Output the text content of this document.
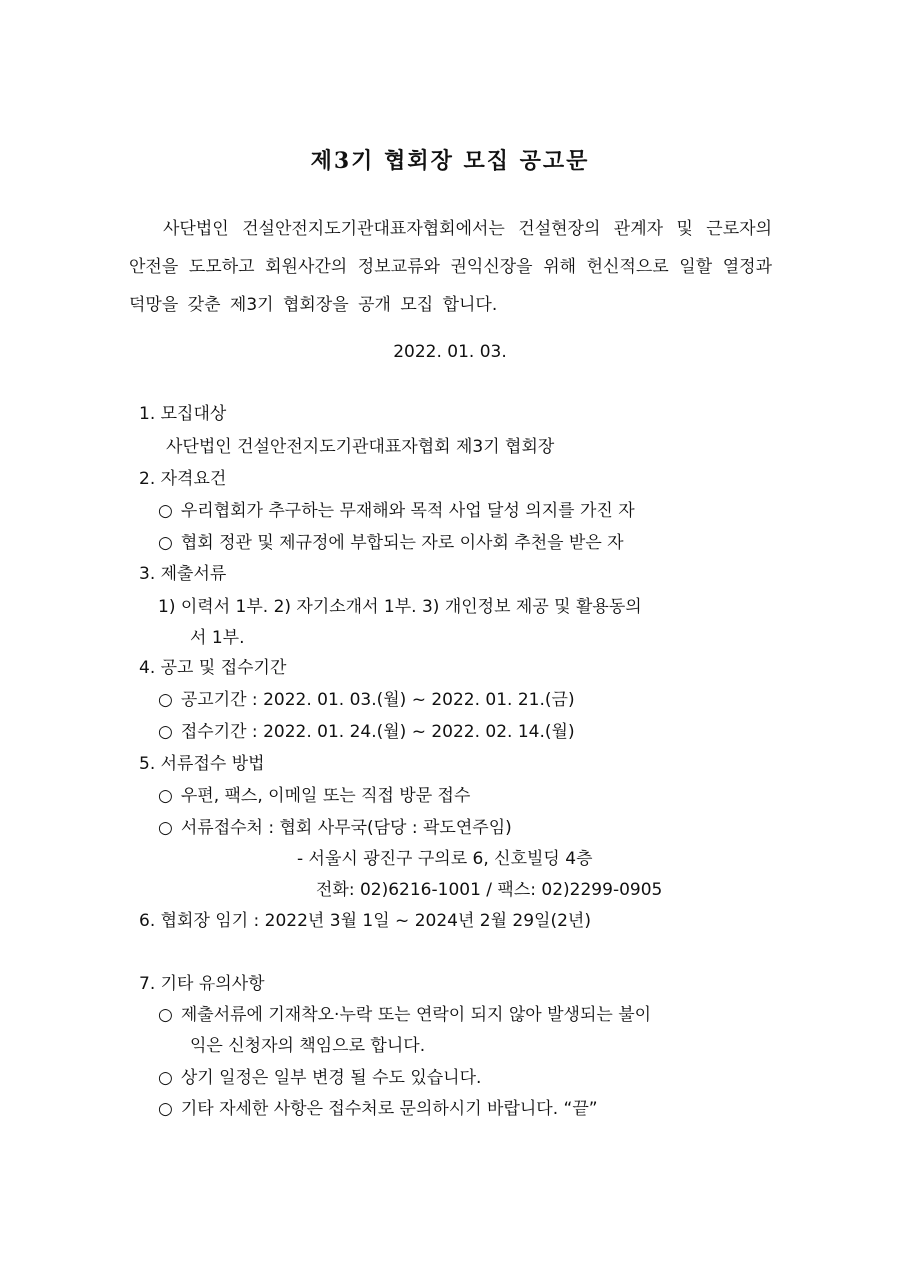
제3기 협회장 모집 공고문

사단법인 건설안전지도기관대표자협회에서는 건설현장의 관계자 및 근로자의 안전을 도모하고 회원사간의 정보교류와 권익신장을 위해 헌신적으로 일할 열정과 덕망을 갖춘 제3기 협회장을 공개 모집 합니다.

2022. 01. 03.
1. 모집대상
사단법인 건설안전지도기관대표자협회 제3기 협회장
2. 자격요건
○ 우리협회가 추구하는 무재해와 목적 사업 달성 의지를 가진 자
○ 협회 정관 및 제규정에 부합되는 자로 이사회 추천을 받은 자
3. 제출서류
1) 이력서 1부. 2) 자기소개서 1부. 3) 개인정보 제공 및 활용동의
서 1부.
4. 공고 및 접수기간
○ 공고기간 : 2022. 01. 03.(월) ~ 2022. 01. 21.(금)
○ 접수기간 : 2022. 01. 24.(월) ~ 2022. 02. 14.(월)
5. 서류접수 방법
○ 우편, 팩스, 이메일 또는 직접 방문 접수
○ 서류접수처 : 협회 사무국(담당 : 곽도연주임)
- 서울시 광진구 구의로 6, 신호빌딩 4층
전화: 02)6216-1001 / 팩스: 02)2299-0905
6. 협회장 임기 : 2022년 3월 1일 ~ 2024년 2월 29일(2년)
7. 기타 유의사항
○ 제출서류에 기재착오·누락 또는 연락이 되지 않아 발생되는 불이
익은 신청자의 책임으로 합니다.
○ 상기 일정은 일부 변경 될 수도 있습니다.
○ 기타 자세한 사항은 접수처로 문의하시기 바랍니다. “끝”
